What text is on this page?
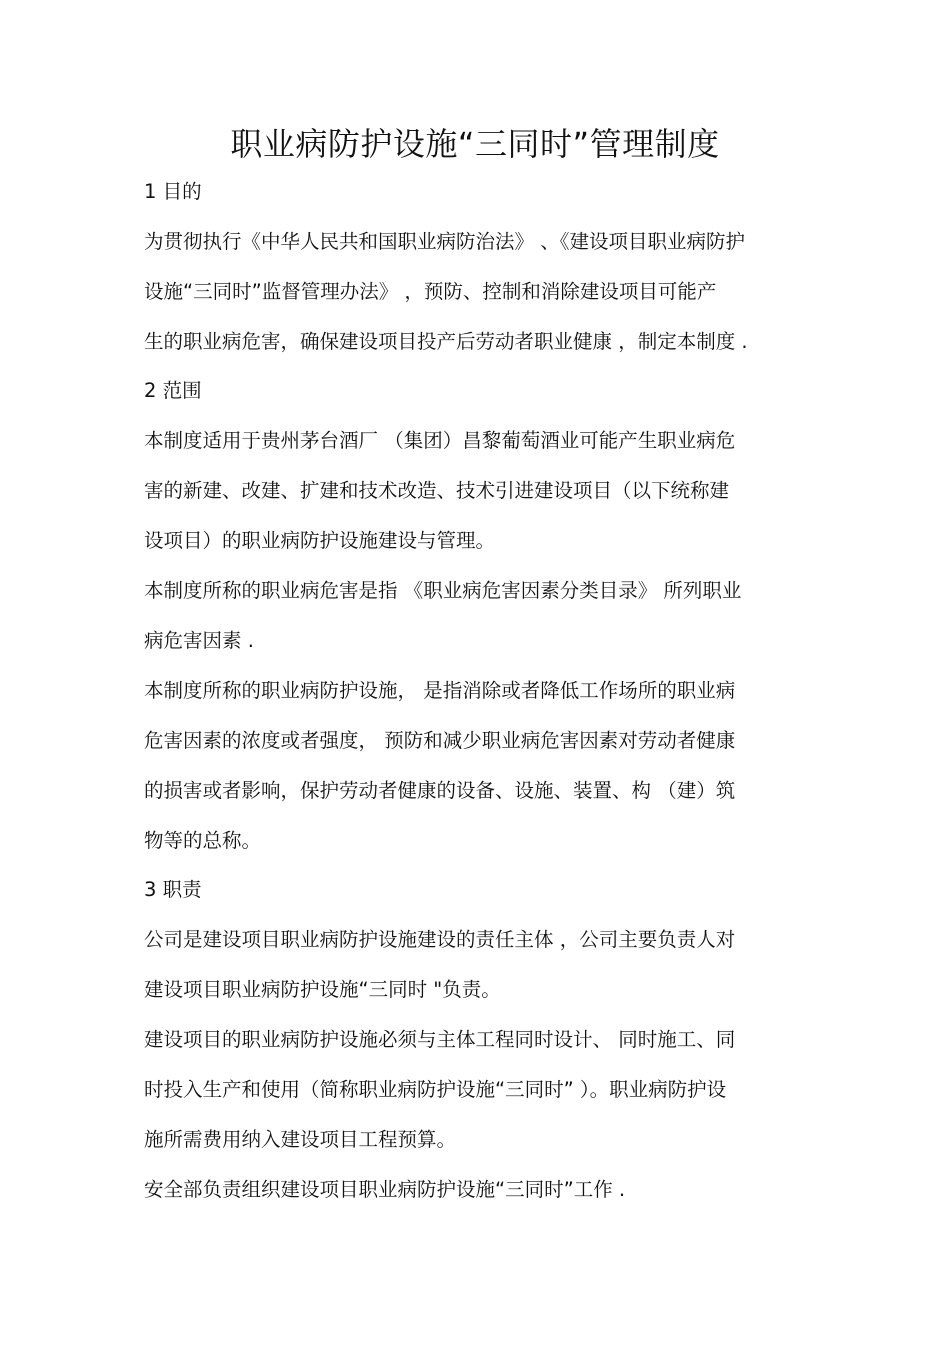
职业病防护设施“三同时”管理制度
1 目的
为贯彻执行《中华人民共和国职业病防治法》 、《建设项目职业病防护
设施“三同时”监督管理办法》 ，预防、控制和消除建设项目可能产
生的职业病危害，确保建设项目投产后劳动者职业健康 ，制定本制度 .
2 范围
本制度适用于贵州茅台酒厂 （集团）昌黎葡萄酒业可能产生职业病危
害的新建、改建、扩建和技术改造、技术引进建设项目（以下统称建
设项目）的职业病防护设施建设与管理。
本制度所称的职业病危害是指 《职业病危害因素分类目录》 所列职业
病危害因素 .
本制度所称的职业病防护设施， 是指消除或者降低工作场所的职业病
危害因素的浓度或者强度， 预防和减少职业病危害因素对劳动者健康
的损害或者影响，保护劳动者健康的设备、设施、装置、构 （建）筑
物等的总称。
3 职责
公司是建设项目职业病防护设施建设的责任主体 ，公司主要负责人对
建设项目职业病防护设施“三同时 "负责。
建设项目的职业病防护设施必须与主体工程同时设计、 同时施工、同
时投入生产和使用（简称职业病防护设施“三同时” ）。职业病防护设
施所需费用纳入建设项目工程预算。
安全部负责组织建设项目职业病防护设施“三同时”工作 .
